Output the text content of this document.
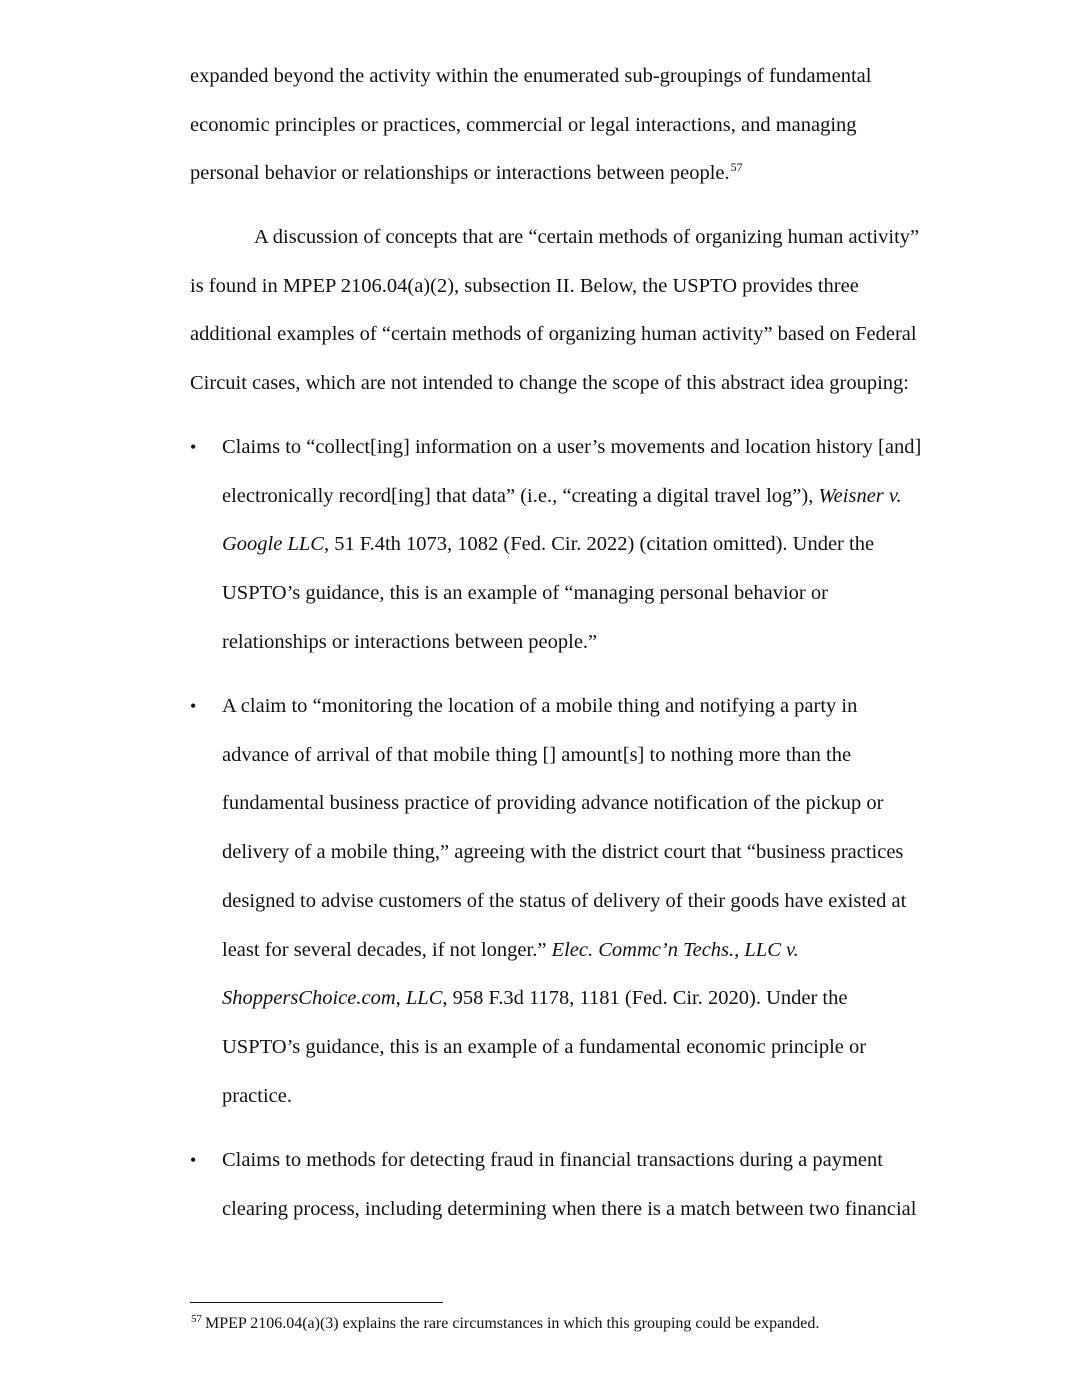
expanded beyond the activity within the enumerated sub-groupings of fundamental
economic principles or practices, commercial or legal interactions, and managing
personal behavior or relationships or interactions between people.$^{57}$
A discussion of concepts that are “certain methods of organizing human activity”
is found in MPEP 2106.04(a)(2), subsection II. Below, the USPTO provides three
additional examples of “certain methods of organizing human activity” based on Federal
Circuit cases, which are not intended to change the scope of this abstract idea grouping:
•	Claims to “collect[ing] information on a user’s movements and location history [and]
electronically record[ing] that data” (i.e., “creating a digital travel log”), Weisner v.
Google LLC, 51 F.4th 1073, 1082 (Fed. Cir. 2022) (citation omitted). Under the
USPTO’s guidance, this is an example of “managing personal behavior or
relationships or interactions between people.”
•	A claim to “monitoring the location of a mobile thing and notifying a party in
advance of arrival of that mobile thing [] amount[s] to nothing more than the
fundamental business practice of providing advance notification of the pickup or
delivery of a mobile thing,” agreeing with the district court that “business practices
designed to advise customers of the status of delivery of their goods have existed at
least for several decades, if not longer.” Elec. Commc’n Techs., LLC v.
ShoppersChoice.com, LLC, 958 F.3d 1178, 1181 (Fed. Cir. 2020). Under the
USPTO’s guidance, this is an example of a fundamental economic principle or
practice.
•	Claims to methods for detecting fraud in financial transactions during a payment
clearing process, including determining when there is a match between two financial
$^{57}$ MPEP 2106.04(a)(3) explains the rare circumstances in which this grouping could be expanded.
